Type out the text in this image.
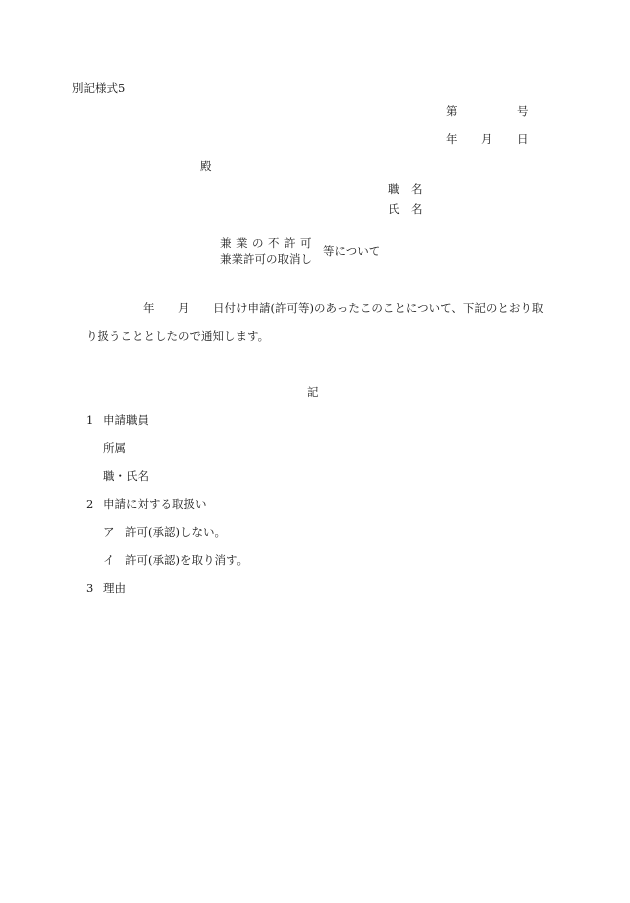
別記様式5
第	号
年 月 日
殿
職 名
氏 名
兼業の不許可
兼業許可の取消し
等について
年 月 日付け申請(許可等)のあったこのことについて、下記のとおり取
り扱うこととしたので通知します。
記
1 申請職員
所属
職・氏名
2 申請に対する取扱い
ア 許可(承認)しない。
イ 許可(承認)を取り消す。
3 理由
